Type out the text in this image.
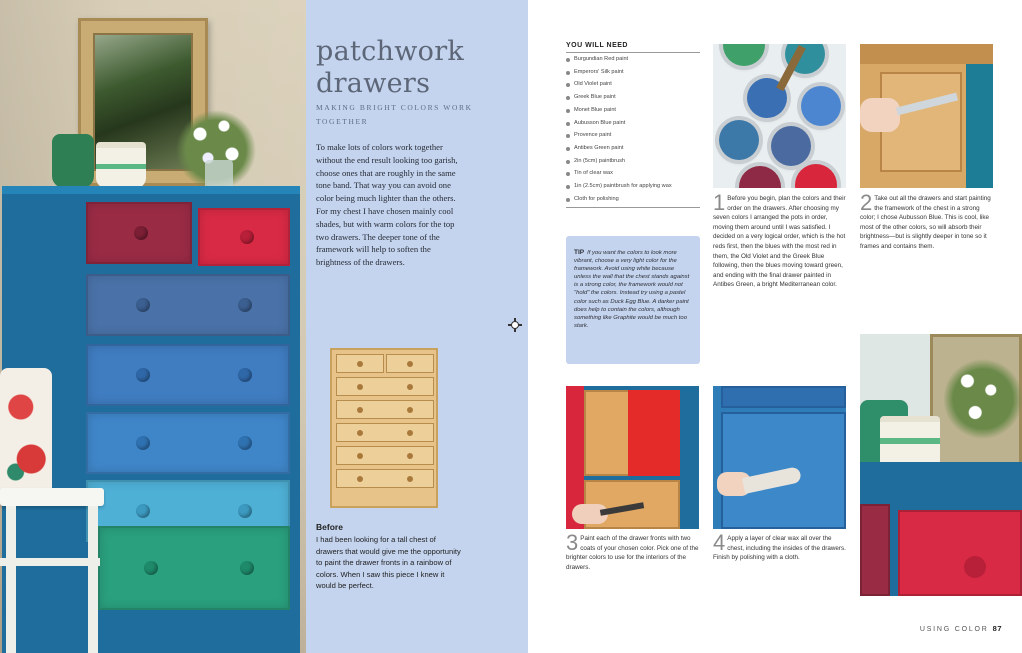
patchwork
drawers
MAKING BRIGHT COLORS WORK TOGETHER

To make lots of colors work together without the end result looking too garish, choose ones that are roughly in the same tone band. That way you can avoid one color being much lighter than the others. For my chest I have chosen mainly cool shades, but with warm colors for the top two drawers. The deeper tone of the framework will help to soften the brightness of the drawers.

Before

I had been looking for a tall chest of drawers that would give me the opportunity to paint the drawer fronts in a rainbow of colors. When I saw this piece I knew it would be perfect.

YOU WILL NEED
Burgundian Red paint
Emperors' Silk paint
Old Violet paint
Greek Blue paint
Monet Blue paint
Aubusson Blue paint
Provence paint
Antibes Green paint
2in (5cm) paintbrush
Tin of clear wax
1in (2.5cm) paintbrush for applying wax
Cloth for polishing

TIP If you want the colors to look more vibrant, choose a very light color for the framework. Avoid using white because unless the wall that the chest stands against is a strong color, the framework would not "hold" the colors. Instead try using a pastel color such as Duck Egg Blue. A darker paint does help to contain the colors, although something like Graphite would be much too stark.

1 Before you begin, plan the colors and their order on the drawers. After choosing my seven colors I arranged the pots in order, moving them around until I was satisfied. I decided on a very logical order, which is the hot reds first, then the blues with the most red in them, the Old Violet and the Greek Blue following, then the blues moving toward green, and ending with the final drawer painted in Antibes Green, a bright Mediterranean color.
2 Take out all the drawers and start painting the framework of the chest in a strong color; I chose Aubusson Blue. This is cool, like most of the other colors, so will absorb their brightness—but is slightly deeper in tone so it frames and contains them.
3 Paint each of the drawer fronts with two coats of your chosen color. Pick one of the brighter colors to use for the interiors of the drawers.
4 Apply a layer of clear wax all over the chest, including the insides of the drawers. Finish by polishing with a cloth.
USING COLOR 87
